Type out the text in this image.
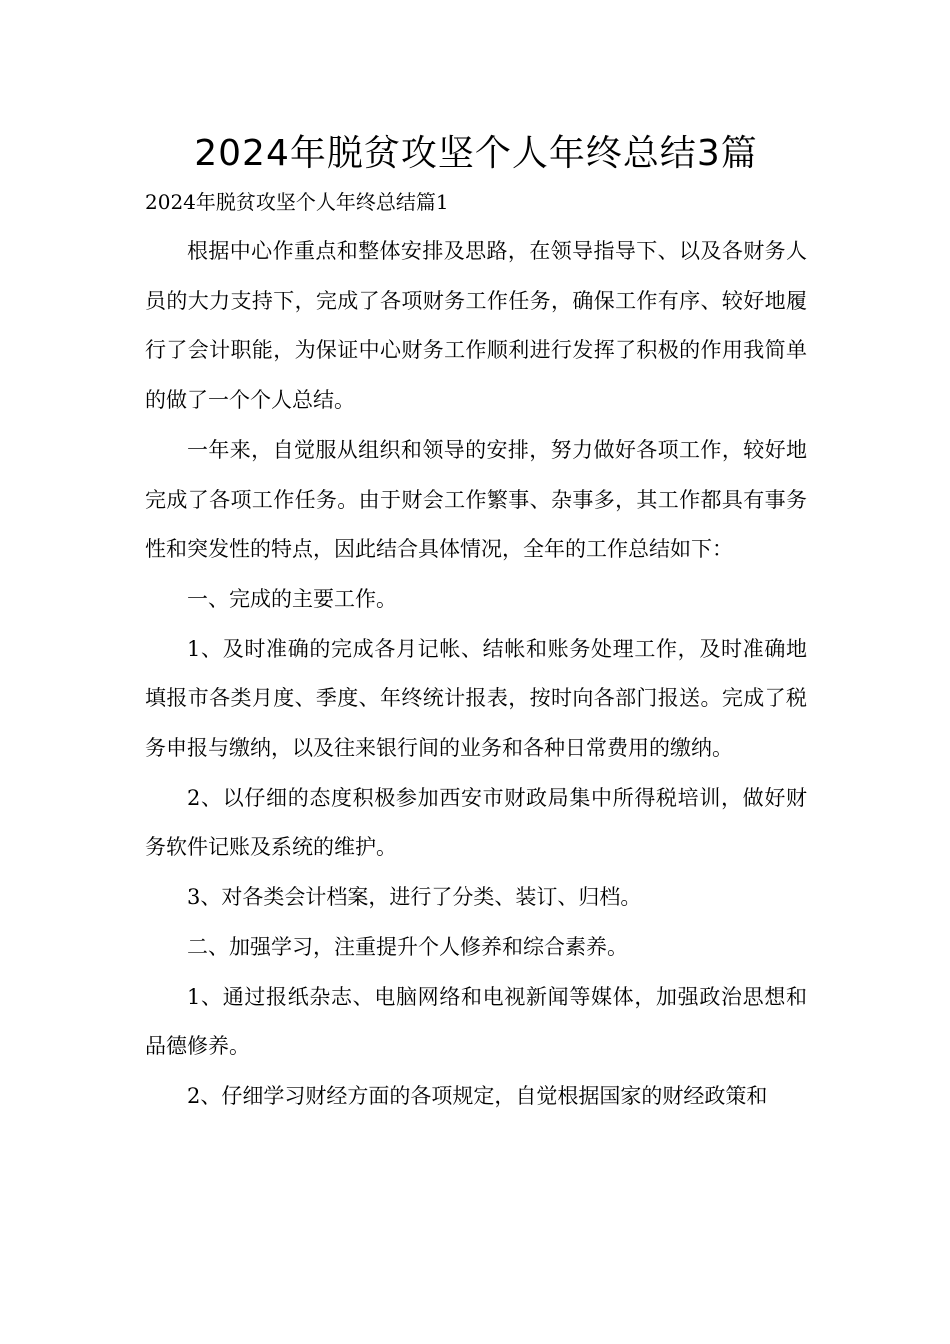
2024年脱贫攻坚个人年终总结3篇
2024年脱贫攻坚个人年终总结篇1

根据中心作重点和整体安排及思路，在领导指导下、以及各财务人员的大力支持下，完成了各项财务工作任务，确保工作有序、较好地履行了会计职能，为保证中心财务工作顺利进行发挥了积极的作用我简单的做了一个个人总结。

一年来，自觉服从组织和领导的安排，努力做好各项工作，较好地完成了各项工作任务。由于财会工作繁事、杂事多，其工作都具有事务性和突发性的特点，因此结合具体情况，全年的工作总结如下：

一、完成的主要工作。

1、及时准确的完成各月记帐、结帐和账务处理工作，及时准确地填报市各类月度、季度、年终统计报表，按时向各部门报送。完成了税务申报与缴纳，以及往来银行间的业务和各种日常费用的缴纳。

2、以仔细的态度积极参加西安市财政局集中所得税培训，做好财务软件记账及系统的维护。

3、对各类会计档案，进行了分类、装订、归档。

二、加强学习，注重提升个人修养和综合素养。

1、通过报纸杂志、电脑网络和电视新闻等媒体，加强政治思想和品德修养。

2、仔细学习财经方面的各项规定，自觉根据国家的财经政策和
